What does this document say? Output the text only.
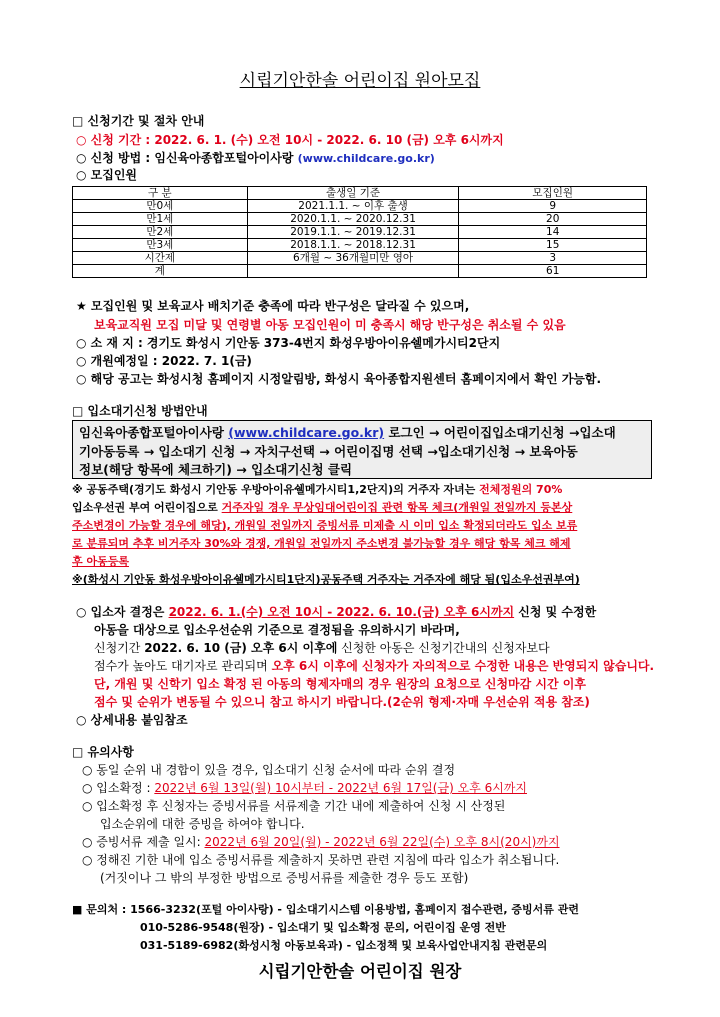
시립기안한솔 어린이집 원아모집
□ 신청기간 및 절차 안내
○ 신청 기간 : 2022. 6. 1. (수) 오전 10시 - 2022. 6. 10 (금) 오후 6시까지
○ 신청 방법 : 임신육아종합포털아이사랑 (www.childcare.go.kr)
○ 모집인원
구 분	출생일 기준	모집인원
만0세	2021.1.1. ~ 이후 출생	9
만1세	2020.1.1. ~ 2020.12.31	20
만2세	2019.1.1. ~ 2019.12.31	14
만3세	2018.1.1. ~ 2018.12.31	15
시간제	6개월 ~ 36개월미만 영아	3
계		61
★ 모집인원 및 보육교사 배치기준 충족에 따라 반구성은 달라질 수 있으며,
보육교직원 모집 미달 및 연령별 아동 모집인원이 미 충족시 해당 반구성은 취소될 수 있음
○ 소 재 지 : 경기도 화성시 기안동 373-4번지 화성우방아이유쉘메가시티2단지
○ 개원예정일 : 2022. 7. 1(금)
○ 해당 공고는 화성시청 홈페이지 시정알림방, 화성시 육아종합지원센터 홈페이지에서 확인 가능함.
□ 입소대기신청 방법안내
임신육아종합포털아이사랑 (www.childcare.go.kr) 로그인 → 어린이집입소대기신청 →입소대
기아동등록 → 입소대기 신청 → 자치구선택 → 어린이집명 선택 →입소대기신청 → 보육아동
정보(해당 항목에 체크하기) → 입소대기신청 클릭
※ 공동주택(경기도 화성시 기안동 우방아이유쉘메가시티1,2단지)의 거주자 자녀는 전체정원의 70%
입소우선권 부여 어린이집으로 거주자일 경우 무상임대어린이집 관련 항목 체크(개원일 전일까지 등본상
주소변경이 가능할 경우에 해당), 개원일 전일까지 증빙서류 미제출 시 이미 입소 확정되더라도 입소 보류
로 분류되며 추후 비거주자 30%와 경쟁, 개원일 전일까지 주소변경 불가능할 경우 해당 항목 체크 해제
후 아동등록
※(화성시 기안동 화성우방아이유쉘메가시티1단지)공동주택 거주자는 거주자에 해당 됨(입소우선권부여)
○ 입소자 결정은 2022. 6. 1.(수) 오전 10시 - 2022. 6. 10.(금) 오후 6시까지 신청 및 수정한
아동을 대상으로 입소우선순위 기준으로 결정됨을 유의하시기 바라며,
신청기간 2022. 6. 10 (금) 오후 6시 이후에 신청한 아동은 신청기간내의 신청자보다
점수가 높아도 대기자로 관리되며 오후 6시 이후에 신청자가 자의적으로 수정한 내용은 반영되지 않습니다.
단, 개원 및 신학기 입소 확정 된 아동의 형제자매의 경우 원장의 요청으로 신청마감 시간 이후
점수 및 순위가 변동될 수 있으니 참고 하시기 바랍니다.(2순위 형제·자매 우선순위 적용 참조)
○ 상세내용 붙임참조
□ 유의사항
○ 동일 순위 내 경합이 있을 경우, 입소대기 신청 순서에 따라 순위 결정
○ 입소확정 : 2022년 6월 13일(월) 10시부터 - 2022년 6월 17일(금) 오후 6시까지
○ 입소확정 후 신청자는 증빙서류를 서류제출 기간 내에 제출하여 신청 시 산정된
입소순위에 대한 증빙을 하여야 합니다.
○ 증빙서류 제출 일시: 2022년 6월 20일(월) - 2022년 6월 22일(수) 오후 8시(20시)까지
○ 정해진 기한 내에 입소 증빙서류를 제출하지 못하면 관련 지침에 따라 입소가 취소됩니다.
(거짓이나 그 밖의 부정한 방법으로 증빙서류를 제출한 경우 등도 포함)
■ 문의처 : 1566-3232(포털 아이사랑) - 입소대기시스템 이용방법, 홈페이지 접수관련, 증빙서류 관련
010-5286-9548(원장) - 입소대기 및 입소확정 문의, 어린이집 운영 전반
031-5189-6982(화성시청 아동보육과) - 입소정책 및 보육사업안내지침 관련문의
시립기안한솔 어린이집 원장
